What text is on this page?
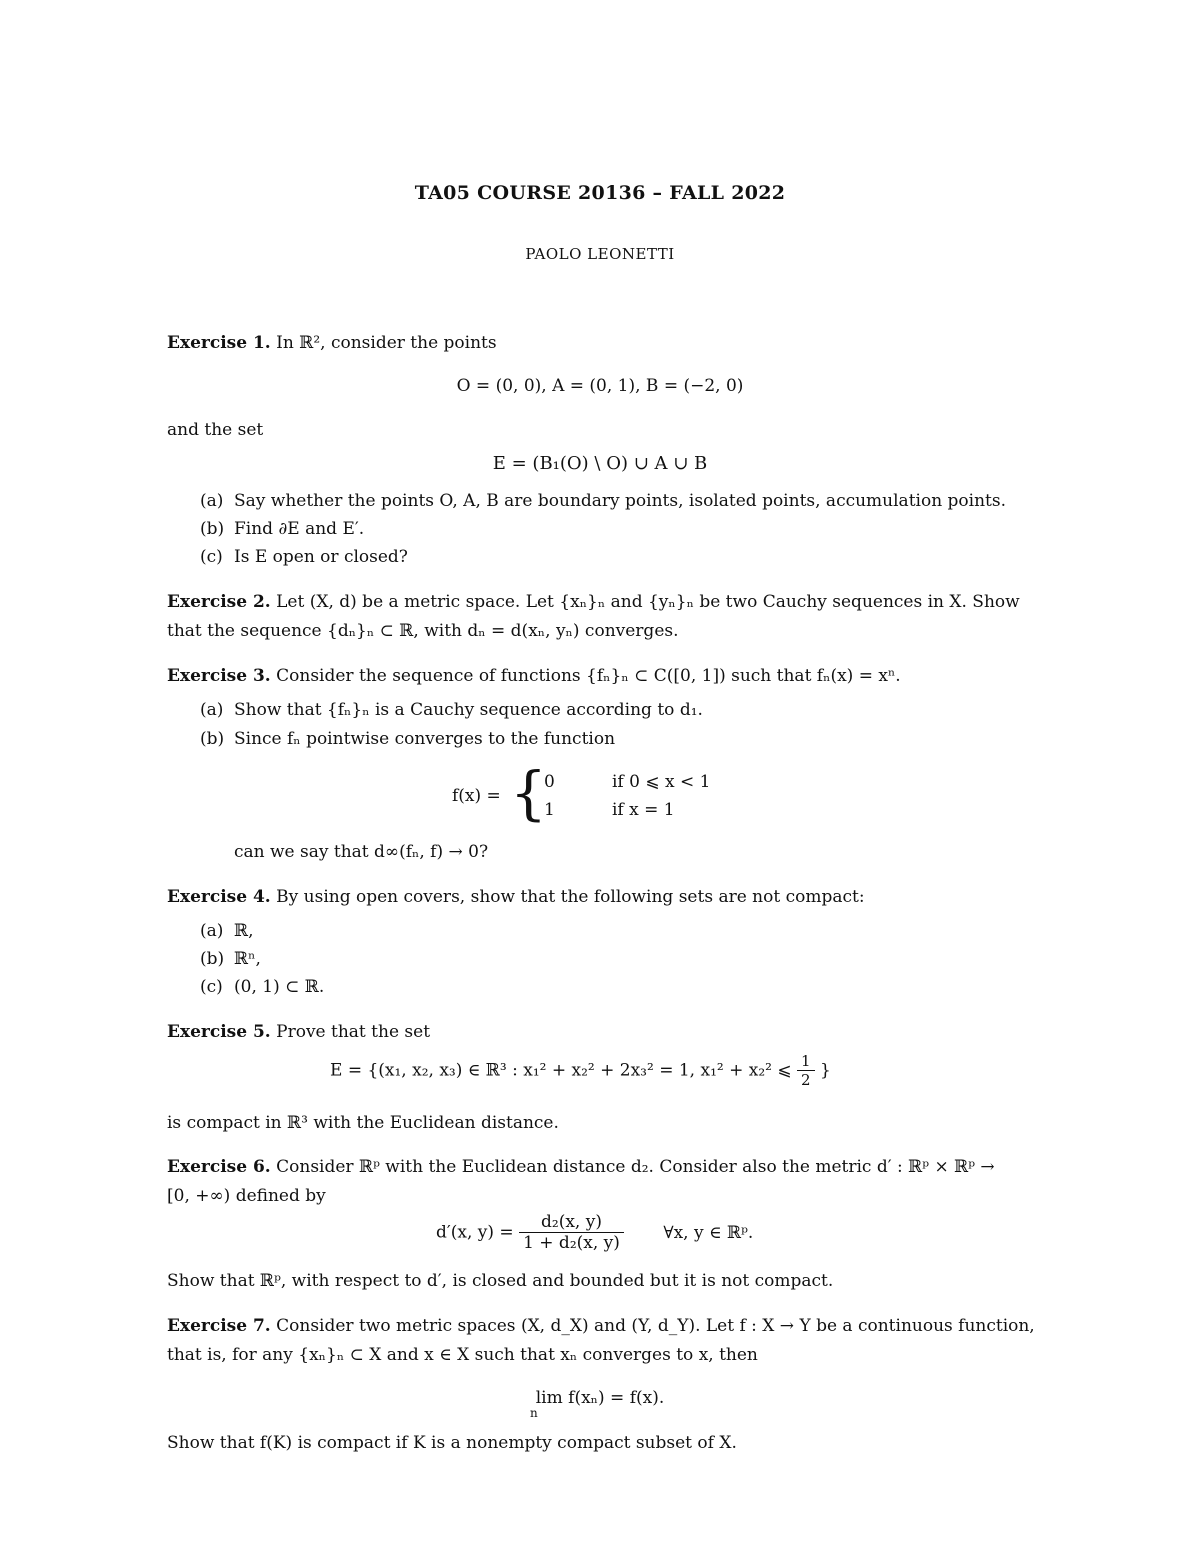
TA05 COURSE 20136 – FALL 2022
PAOLO LEONETTI
Exercise 1. In ℝ², consider the points
O = (0, 0), A = (0, 1), B = (−2, 0)
and the set
E = (B₁(O) \ O) ∪ A ∪ B
(a) Say whether the points O, A, B are boundary points, isolated points, accumulation points.
(b) Find ∂E and E′.
(c) Is E open or closed?
Exercise 2. Let (X, d) be a metric space. Let {xₙ}ₙ and {yₙ}ₙ be two Cauchy sequences in X. Show
that the sequence {dₙ}ₙ ⊂ ℝ, with dₙ = d(xₙ, yₙ) converges.
Exercise 3. Consider the sequence of functions {fₙ}ₙ ⊂ C([0, 1]) such that fₙ(x) = xⁿ.
(a) Show that {fₙ}ₙ is a Cauchy sequence according to d₁.
(b) Since fₙ pointwise converges to the function
f(x) = {
0	if 0 ⩽ x < 1
1	if x = 1
can we say that d∞(fₙ, f) → 0?
Exercise 4. By using open covers, show that the following sets are not compact:
(a) ℝ,
(b) ℝⁿ,
(c) (0, 1) ⊂ ℝ.
Exercise 5. Prove that the set
E = {(x₁, x₂, x₃) ∈ ℝ³ : x₁² + x₂² + 2x₃² = 1, x₁² + x₂² ⩽ $\frac{1}{2}$ }
is compact in ℝ³ with the Euclidean distance.
Exercise 6. Consider ℝᵖ with the Euclidean distance d₂. Consider also the metric d′ : ℝᵖ × ℝᵖ →
[0, +∞) defined by
d′(x, $y) = \frac{\text{d₂(x, y)}}{\text{1 + d₂(x, y)}}$ ∀x, y ∈ ℝᵖ.
Show that ℝᵖ, with respect to d′, is closed and bounded but it is not compact.
Exercise 7. Consider two metric spaces (X, d_X) and (Y, d_Y). Let f : X → Y be a continuous function,
that is, for any {xₙ}ₙ ⊂ X and x ∈ X such that xₙ converges to x, then
lim f(xₙ) = f(x).
n
Show that f(K) is compact if K is a nonempty compact subset of X.
